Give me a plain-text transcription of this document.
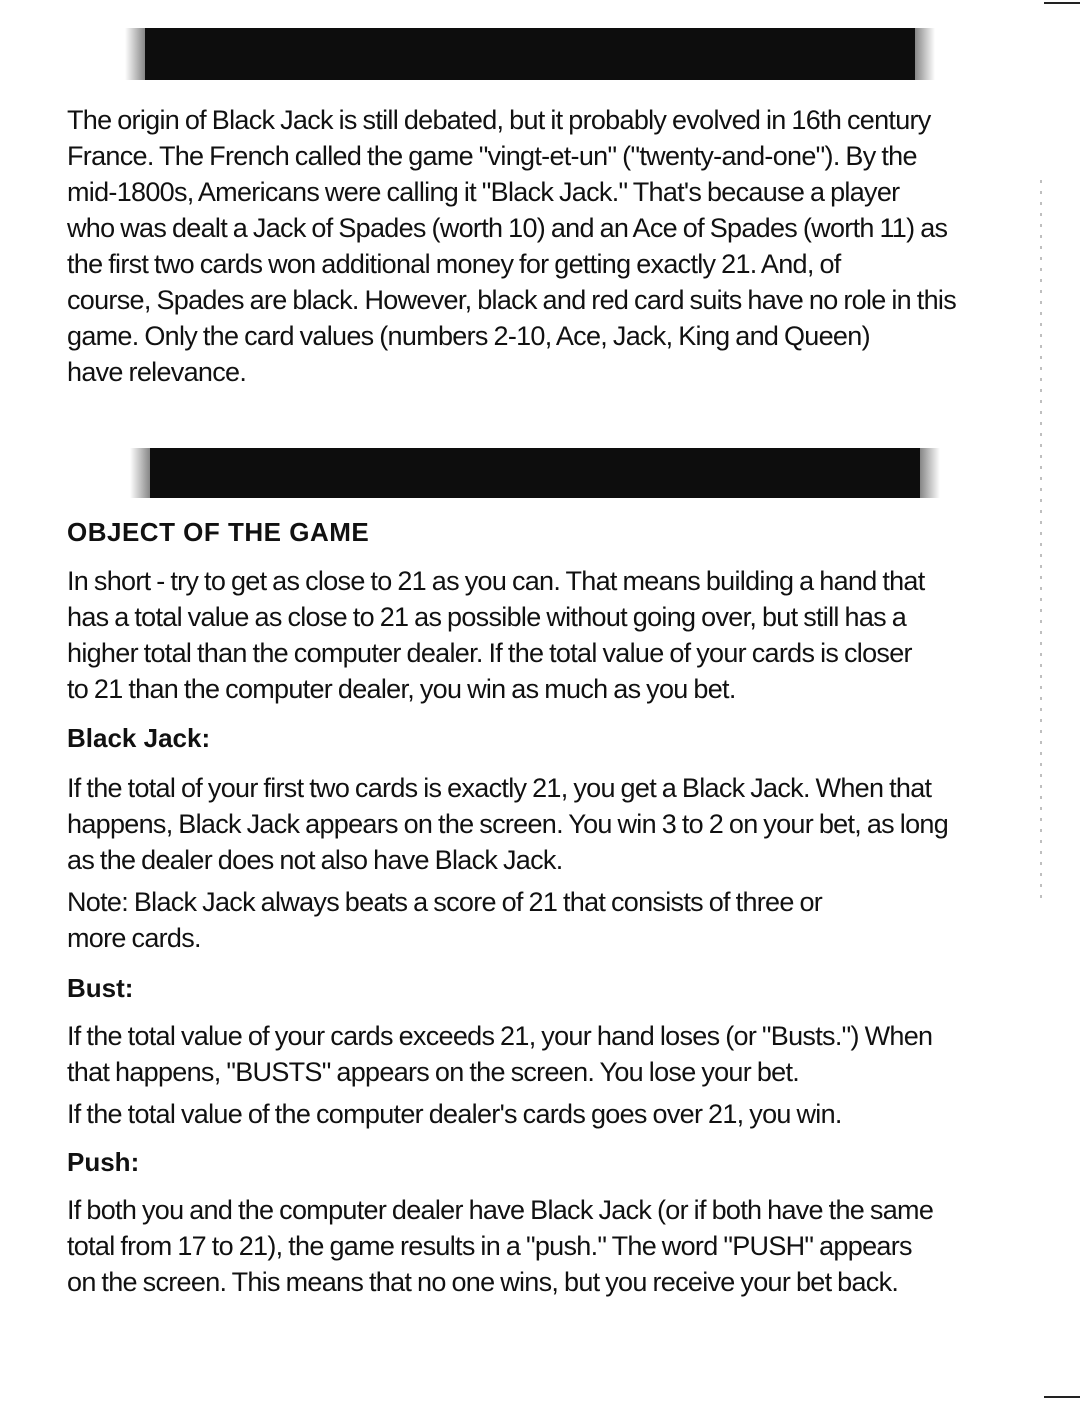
The origin of Black Jack is still debated, but it probably evolved in 16th century
France. The French called the game "vingt-et-un" ("twenty-and-one"). By the
mid-1800s, Americans were calling it "Black Jack." That's because a player
who was dealt a Jack of Spades (worth 10) and an Ace of Spades (worth 11) as
the first two cards won additional money for getting exactly 21. And, of
course, Spades are black. However, black and red card suits have no role in this
game. Only the card values (numbers 2-10, Ace, Jack, King and Queen)
have relevance.

OBJECT OF THE GAME

In short - try to get as close to 21 as you can. That means building a hand that
has a total value as close to 21 as possible without going over, but still has a
higher total than the computer dealer. If the total value of your cards is closer
to 21 than the computer dealer, you win as much as you bet.

Black Jack:

If the total of your first two cards is exactly 21, you get a Black Jack. When that
happens, Black Jack appears on the screen. You win 3 to 2 on your bet, as long
as the dealer does not also have Black Jack.

Note: Black Jack always beats a score of 21 that consists of three or
more cards.

Bust:

If the total value of your cards exceeds 21, your hand loses (or "Busts.") When
that happens, "BUSTS" appears on the screen. You lose your bet.

If the total value of the computer dealer's cards goes over 21, you win.

Push:

If both you and the computer dealer have Black Jack (or if both have the same
total from 17 to 21), the game results in a "push." The word "PUSH" appears
on the screen. This means that no one wins, but you receive your bet back.
